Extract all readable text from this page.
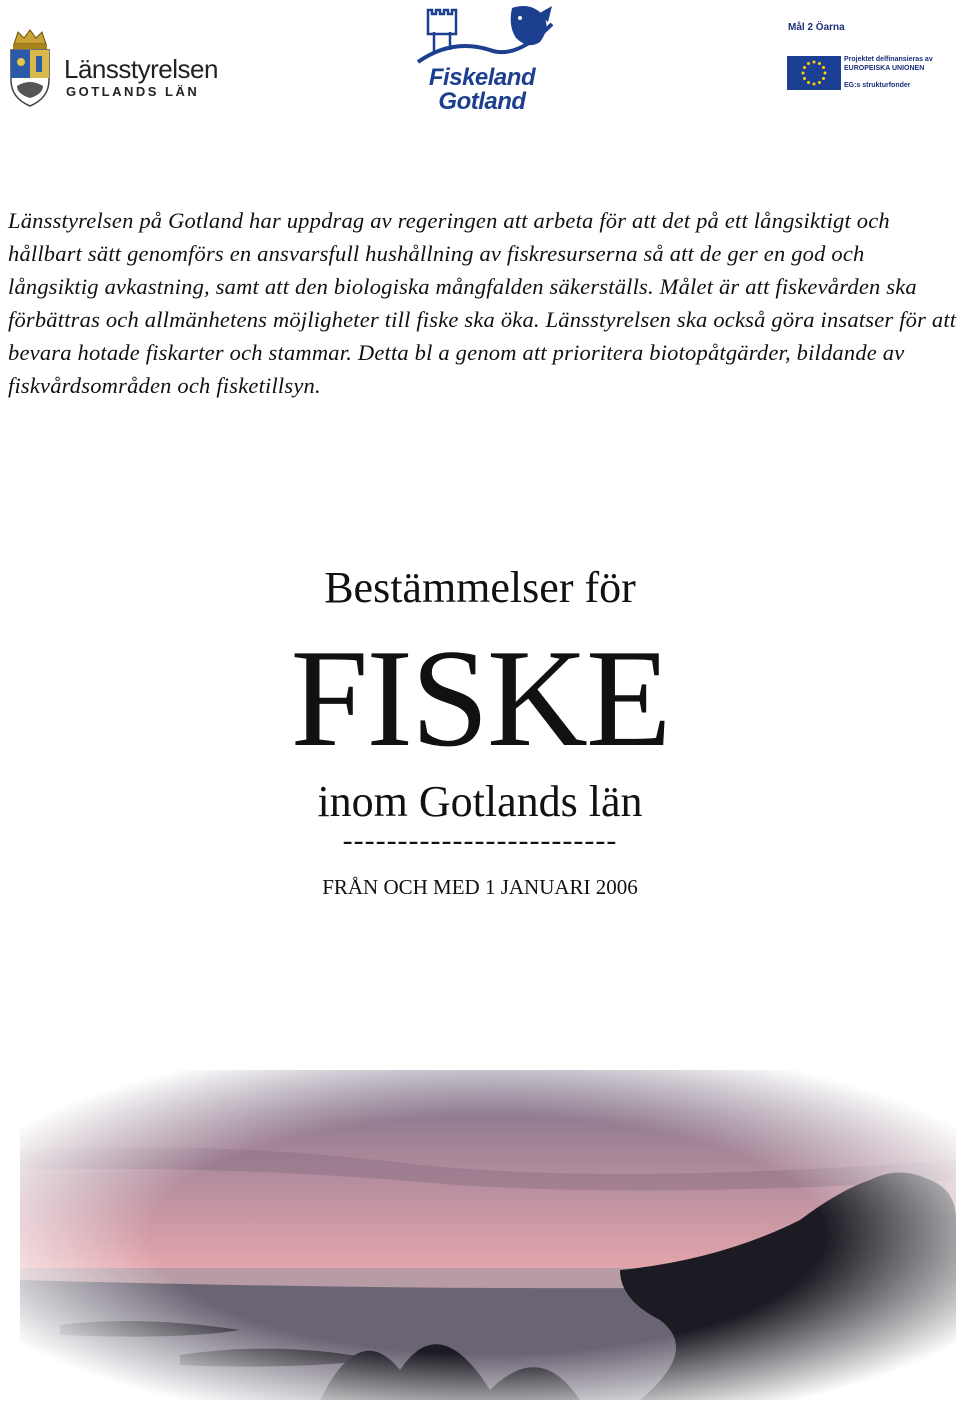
Länsstyrelsen
GOTLANDS LÄN
Fiskeland
Gotland
Mål 2 Öarna
Projektet delfinansieras av
EUROPEISKA UNIONEN
EG:s strukturfonder

Länsstyrelsen på Gotland har uppdrag av regeringen att arbeta för att det på ett långsiktigt och hållbart sätt genomförs en ansvarsfull hushållning av fiskresurserna så att de ger en god och långsiktig avkastning, samt att den biologiska mångfalden säkerställs. Målet är att fiskevården ska förbättras och allmänhetens möjligheter till fiske ska öka. Länsstyrelsen ska också göra insatser för att bevara hotade fiskarter och stammar. Detta bl a genom att prioritera biotopåtgärder, bildande av fiskvårdsområden och fisketillsyn.

Bestämmelser för
FISKE
inom Gotlands län
-------------------------
FRÅN OCH MED 1 JANUARI 2006
